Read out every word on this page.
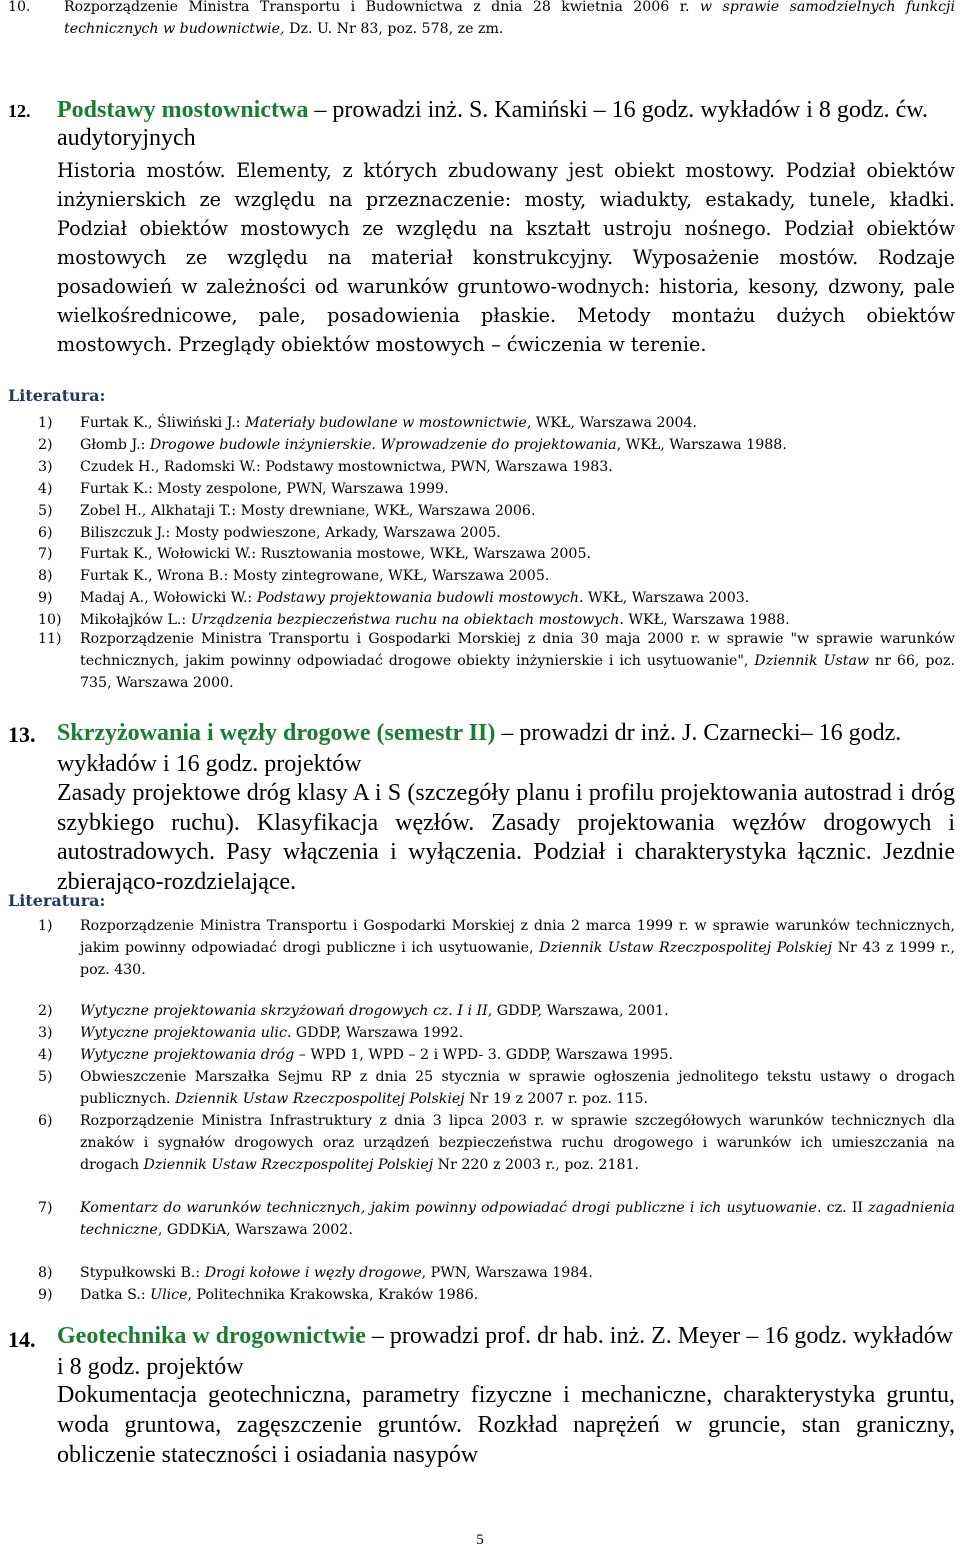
10. Rozporządzenie Ministra Transportu i Budownictwa z dnia 28 kwietnia 2006 r. w sprawie samodzielnych funkcji technicznych w budownictwie, Dz. U. Nr 83, poz. 578, ze zm.
12. Podstawy mostownictwa – prowadzi inż. S. Kamiński – 16 godz. wykładów i 8 godz. ćw. audytoryjnych
Historia mostów. Elementy, z których zbudowany jest obiekt mostowy. Podział obiektów inżynierskich ze względu na przeznaczenie: mosty, wiadukty, estakady, tunele, kładki. Podział obiektów mostowych ze względu na kształt ustroju nośnego. Podział obiektów mostowych ze względu na materiał konstrukcyjny. Wyposażenie mostów. Rodzaje posadowień w zależności od warunków gruntowo-wodnych: historia, kesony, dzwony, pale wielkośrednicowe, pale, posadowienia płaskie. Metody montażu dużych obiektów mostowych. Przeglądy obiektów mostowych – ćwiczenia w terenie.
Literatura:
1) Furtak K., Śliwiński J.: Materiały budowlane w mostownictwie, WKŁ, Warszawa 2004.
2) Głomb J.: Drogowe budowle inżynierskie. Wprowadzenie do projektowania, WKŁ, Warszawa 1988.
3) Czudek H., Radomski W.: Podstawy mostownictwa, PWN, Warszawa 1983.
4) Furtak K.: Mosty zespolone, PWN, Warszawa 1999.
5) Zobel H., Alkhataji T.: Mosty drewniane, WKŁ, Warszawa 2006.
6) Biliszczuk J.: Mosty podwieszone, Arkady, Warszawa 2005.
7) Furtak K., Wołowicki W.: Rusztowania mostowe, WKŁ, Warszawa 2005.
8) Furtak K., Wrona B.: Mosty zintegrowane, WKŁ, Warszawa 2005.
9) Madaj A., Wołowicki W.: Podstawy projektowania budowli mostowych. WKŁ, Warszawa 2003.
10) Mikołajków L.: Urządzenia bezpieczeństwa ruchu na obiektach mostowych. WKŁ, Warszawa 1988.
11) Rozporządzenie Ministra Transportu i Gospodarki Morskiej z dnia 30 maja 2000 r. w sprawie "w sprawie warunków technicznych, jakim powinny odpowiadać drogowe obiekty inżynierskie i ich usytuowanie", Dziennik Ustaw nr 66, poz. 735, Warszawa 2000.
13. Skrzyżowania i węzły drogowe (semestr II) – prowadzi dr inż. J. Czarnecki– 16 godz. wykładów i 16 godz. projektów
Zasady projektowe dróg klasy A i S (szczegóły planu i profilu projektowania autostrad i dróg szybkiego ruchu). Klasyfikacja węzłów. Zasady projektowania węzłów drogowych i autostradowych. Pasy włączenia i wyłączenia. Podział i charakterystyka łącznic. Jezdnie zbierająco-rozdzielające.
Literatura:
1) Rozporządzenie Ministra Transportu i Gospodarki Morskiej z dnia 2 marca 1999 r. w sprawie warunków technicznych, jakim powinny odpowiadać drogi publiczne i ich usytuowanie, Dziennik Ustaw Rzeczpospolitej Polskiej Nr 43 z 1999 r., poz. 430.
2) Wytyczne projektowania skrzyżowań drogowych cz. I i II, GDDP, Warszawa, 2001.
3) Wytyczne projektowania ulic. GDDP, Warszawa 1992.
4) Wytyczne projektowania dróg – WPD 1, WPD – 2 i WPD- 3. GDDP, Warszawa 1995.
5) Obwieszczenie Marszałka Sejmu RP z dnia 25 stycznia w sprawie ogłoszenia jednolitego tekstu ustawy o drogach publicznych. Dziennik Ustaw Rzeczpospolitej Polskiej Nr 19 z 2007 r. poz. 115.
6) Rozporządzenie Ministra Infrastruktury z dnia 3 lipca 2003 r. w sprawie szczegółowych warunków technicznych dla znaków i sygnałów drogowych oraz urządzeń bezpieczeństwa ruchu drogowego i warunków ich umieszczania na drogach Dziennik Ustaw Rzeczpospolitej Polskiej Nr 220 z 2003 r., poz. 2181.
7) Komentarz do warunków technicznych, jakim powinny odpowiadać drogi publiczne i ich usytuowanie. cz. II zagadnienia techniczne, GDDKiA, Warszawa 2002.
8) Stypułkowski B.: Drogi kołowe i węzły drogowe, PWN, Warszawa 1984.
9) Datka S.: Ulice, Politechnika Krakowska, Kraków 1986.
14. Geotechnika w drogownictwie – prowadzi prof. dr hab. inż. Z. Meyer – 16 godz. wykładów i 8 godz. projektów
Dokumentacja geotechniczna, parametry fizyczne i mechaniczne, charakterystyka gruntu, woda gruntowa, zagęszczenie gruntów. Rozkład naprężeń w gruncie, stan graniczny, obliczenie stateczności i osiadania nasypów
5
